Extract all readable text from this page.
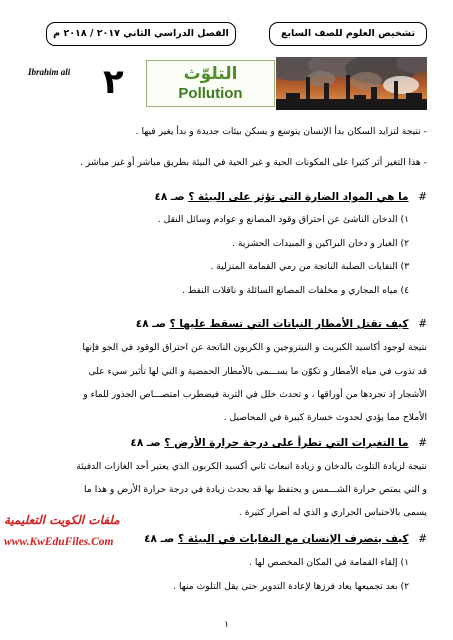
تشخيص العلوم للصف السابع
الفصل الدراسي الثاني ٢٠١٧ / ٢٠١٨ م
Ibrahim ali ٢	التلوّث
Pollution
- نتيجة لتزايد السكان بدأ الإنسان يتوسع و يسكن بيئات جديدة و بدأ يغير فيها .
- هذا التغير أثر كثيرا على المكونات الحية و غير الحية في البيئة بطريق مباشر أو غير مباشر .
# ما هي المواد الضارة التي تؤثر على البيئة ؟ صـ ٤٨
١) الدخان الناشئ عن احتراق وقود المصانع و عوادم وسائل النقل .
٢) الغبار و دخان البراكين و المبيدات الحشرية .
٣) النفايات الصلبة الناتجة من رمي القمامة المنزلية .
٤) مياه المجاري و مخلفات المصانع السائلة و ناقلات النفط .
# كيف تقتل الأمطار النباتات التي تسقط عليها ؟ صـ ٤٨
نتيجة لوجود أكاسيد الكبريت و النيتروجين و الكربون الناتجة عن احتراق الوقود في الجو فإنها
قد تذوب في مياه الأمطار و تكوّن ما يســـمى بالأمطار الحمضية و التي لها تأثير سيء على
الأشجار إذ تجردها من أوراقها ، و تحدث خلل في التربة فيضطرب امتصـــاص الجذور للماء و
الأملاح مما يؤدي لحدوث خسارة كبيرة في المحاصيل .
# ما التغيرات التي تطرأ على درجة حرارة الأرض ؟ صـ ٤٨
نتيجة لزيادة التلوث بالدخان و زيادة انبعاث ثاني أكسيد الكربون الذي يعتبر أحد الغازات الدفيئة
و التي يمتص حرارة الشـــمس و يحتفظ بها قد يحدث زيادة في درجة حرارة الأرض و هذا ما
يسمى بالاحتباس الحراري و الذي له أضرار كثيرة .
# كيف يتصرف الإنسان مع النفايات في البيئة ؟ صـ ٤٨
١) إلقاء القمامة في المكان المخصص لها .
٢) بعد تجميعها يعاد فرزها لإعادة التدوير حتى يقل التلوث منها .
ملفات الكويت التعليمية
www.KwEduFiles.Com
١
